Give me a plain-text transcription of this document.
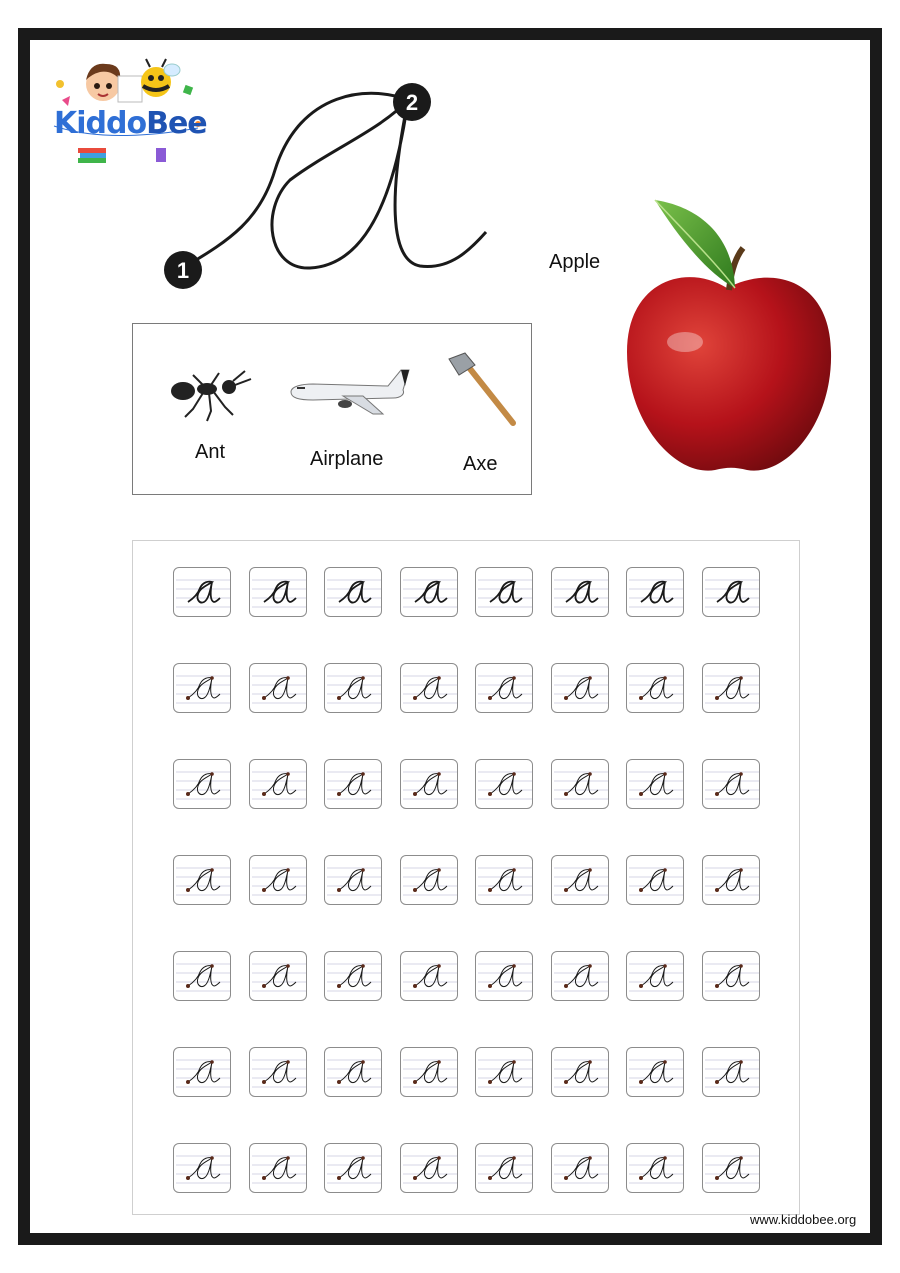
KiddoBee
1
2
Apple
Ant	Airplane	Axe
www.kiddobee.org
